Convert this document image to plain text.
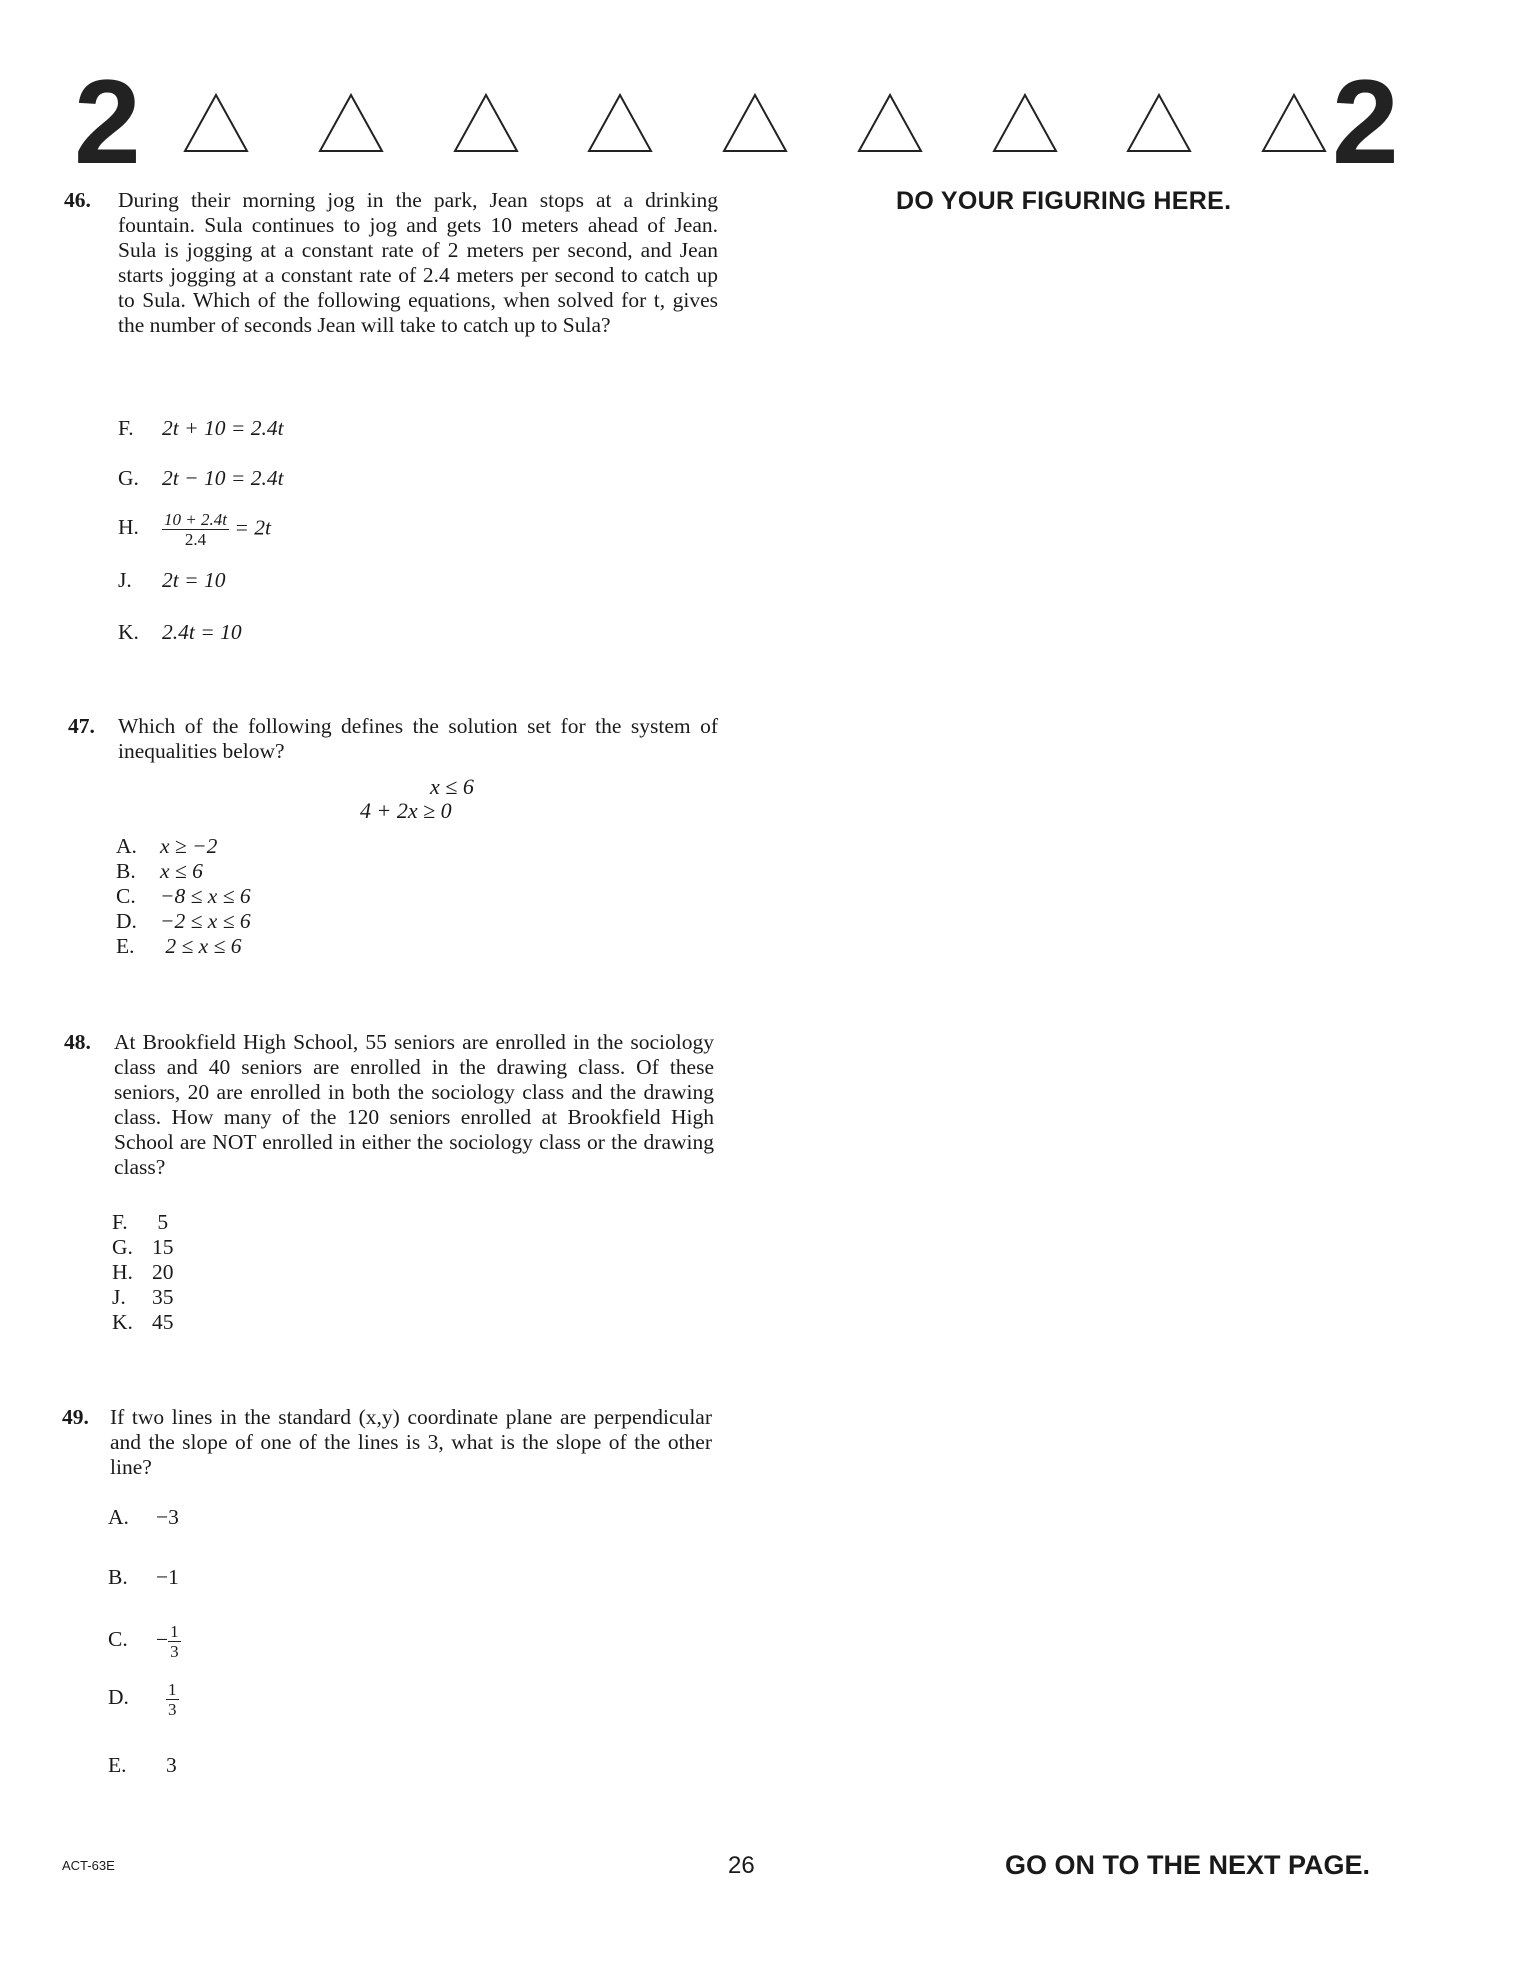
2	2
DO YOUR FIGURING HERE.
46. During their morning jog in the park, Jean stops at a drinking fountain. Sula continues to jog and gets 10 meters ahead of Jean. Sula is jogging at a constant rate of 2 meters per second, and Jean starts jogging at a constant rate of 2.4 meters per second to catch up to Sula. Which of the following equations, when solved for t, gives the number of seconds Jean will take to catch up to Sula?
F. 2t + 10 = 2.4t
G. 2t − 10 = 2.4t
H. $\frac{10 + 2.4t}{2.4} = 2t$
J. 2t = 10
K. 2.4t = 10
47. Which of the following defines the solution set for the system of inequalities below?
x ≤ 6
4 + 2x ≥ 0
A. x ≥ −2
B. x ≤ 6
C. −8 ≤ x ≤ 6
D. −2 ≤ x ≤ 6
E. 2 ≤ x ≤ 6
48. At Brookfield High School, 55 seniors are enrolled in the sociology class and 40 seniors are enrolled in the drawing class. Of these seniors, 20 are enrolled in both the sociology class and the drawing class. How many of the 120 seniors enrolled at Brookfield High School are NOT enrolled in either the sociology class or the drawing class?
F. 5
G. 15
H. 20
J. 35
K. 45
49. If two lines in the standard (x,y) coordinate plane are perpendicular and the slope of one of the lines is 3, what is the slope of the other line?
A. −3
B. −1
C. − $\frac{1}{3}$
D. $\frac{1}{3}$
E. 3
ACT-63E	26	GO ON TO THE NEXT PAGE.
